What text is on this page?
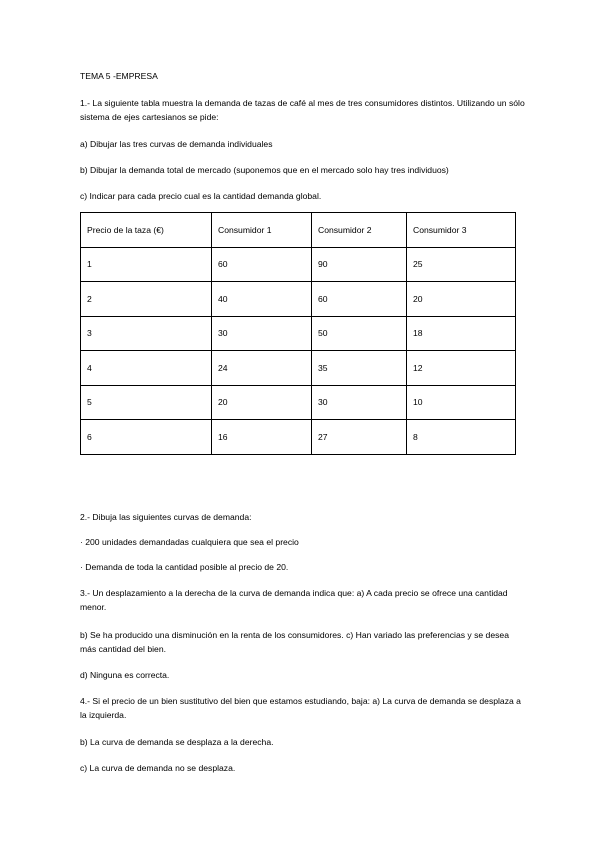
TEMA 5 -EMPRESA

1.- La siguiente tabla muestra la demanda de tazas de café al mes de tres consumidores distintos. Utilizando un sólo sistema de ejes cartesianos se pide:

a) Dibujar las tres curvas de demanda individuales

b) Dibujar la demanda total de mercado (suponemos que en el mercado solo hay tres individuos)

c) Indicar para cada precio cual es la cantidad demanda global.

Precio de la taza (€)	Consumidor 1	Consumidor 2	Consumidor 3
1	60	90	25
2	40	60	20
3	30	50	18
4	24	35	12
5	20	30	10
6	16	27	8

2.- Dibuja las siguientes curvas de demanda:

· 200 unidades demandadas cualquiera que sea el precio

· Demanda de toda la cantidad posible al precio de 20.

3.- Un desplazamiento a la derecha de la curva de demanda indica que: a) A cada precio se ofrece una cantidad menor.

b) Se ha producido una disminución en la renta de los consumidores. c) Han variado las preferencias y se desea más cantidad del bien.

d) Ninguna es correcta.

4.- Si el precio de un bien sustitutivo del bien que estamos estudiando, baja: a) La curva de demanda se desplaza a la izquierda.

b) La curva de demanda se desplaza a la derecha.

c) La curva de demanda no se desplaza.
